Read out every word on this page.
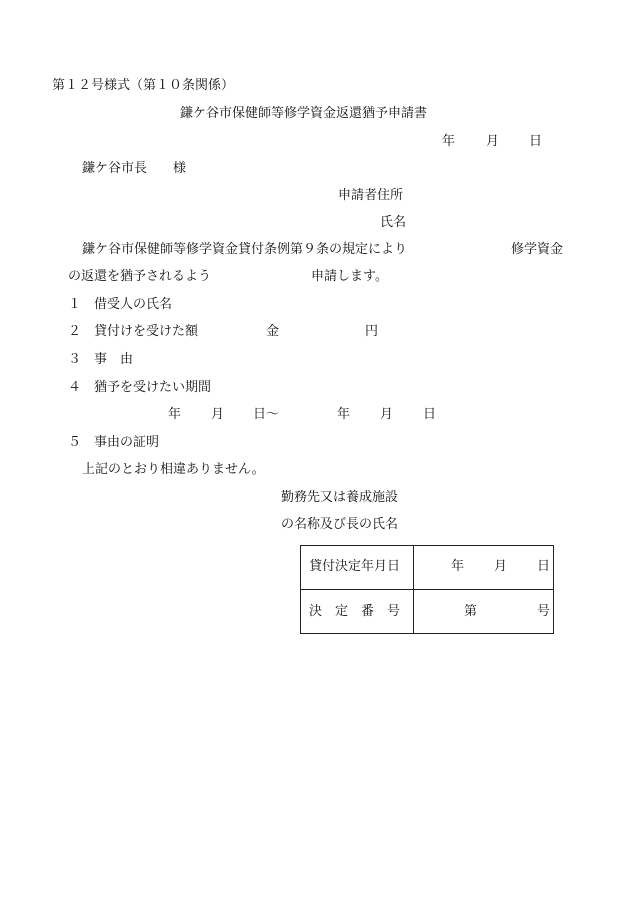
第１２号様式（第１０条関係）
鎌ケ谷市保健師等修学資金返還猶予申請書
年 月 日
鎌ケ谷市長　　様
申請者住所
氏名
鎌ケ谷市保健師等修学資金貸付条例第９条の規定により	修学資金
の返還を猶予されるよう	申請します。
１　借受人の氏名
２　貸付けを受けた額	金	円
３　事　由
４　猶予を受けたい期間
年 月 日〜	年 月 日
５　事由の証明
上記のとおり相違ありません。
勤務先又は養成施設
の名称及び長の氏名
貸付決定年月日	年 月 日
決　定　番　号	第	号
